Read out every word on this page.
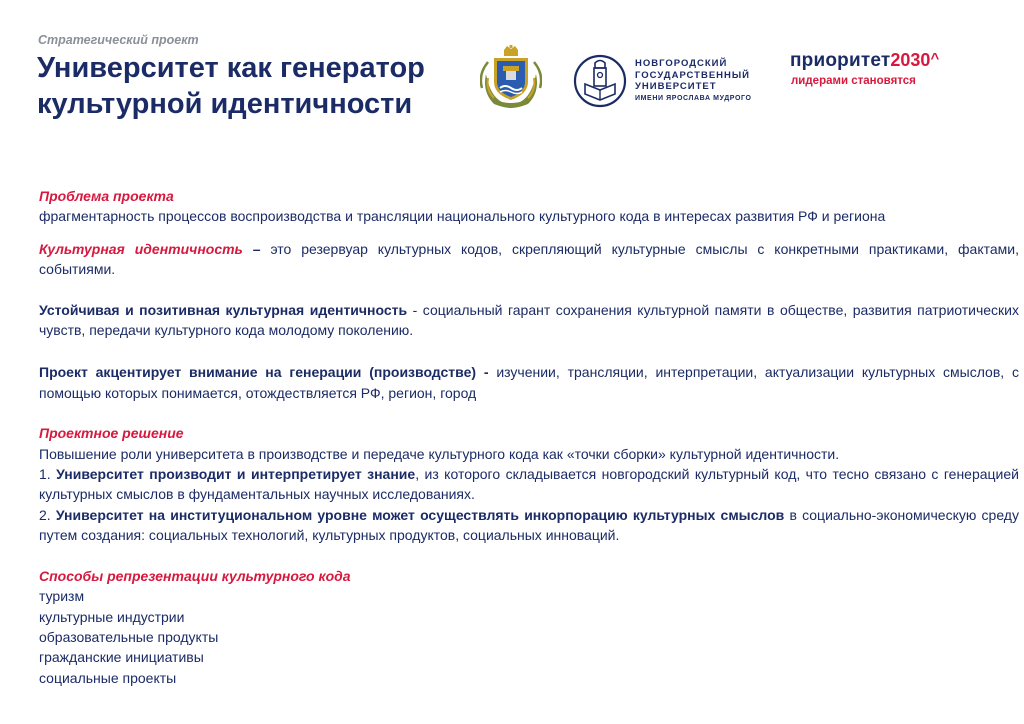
Стратегический проект
Университет как генератор
культурной идентичности
НОВГОРОДСКИЙ
ГОСУДАРСТВЕННЫЙ
УНИВЕРСИТЕТ
ИМЕНИ ЯРОСЛАВА МУДРОГО
приоритет2030^
лидерами становятся

Проблема проекта

фрагментарность процессов воспроизводства и трансляции национального культурного кода в интересах развития РФ и региона

Культурная идентичность – это резервуар культурных кодов, скрепляющий культурные смыслы с конкретными практиками, фактами, событиями.

Устойчивая и позитивная культурная идентичность - социальный гарант сохранения культурной памяти в обществе, развития патриотических чувств, передачи культурного кода молодому поколению.

Проект акцентирует внимание на генерации (производстве) - изучении, трансляции, интерпретации, актуализации культурных смыслов, с помощью которых понимается, отождествляется РФ, регион, город

Проектное решение

Повышение роли университета в производстве и передаче культурного кода как «точки сборки» культурной идентичности.

1. Университет производит и интерпретирует знание, из которого складывается новгородский культурный код, что тесно связано с генерацией культурных смыслов в фундаментальных научных исследованиях.

2. Университет на институциональном уровне может осуществлять инкорпорацию культурных смыслов в социально-экономическую среду путем создания: социальных технологий, культурных продуктов, социальных инноваций.

Способы репрезентации культурного кода

туризм
культурные индустрии
образовательные продукты
гражданские инициативы
социальные проекты
